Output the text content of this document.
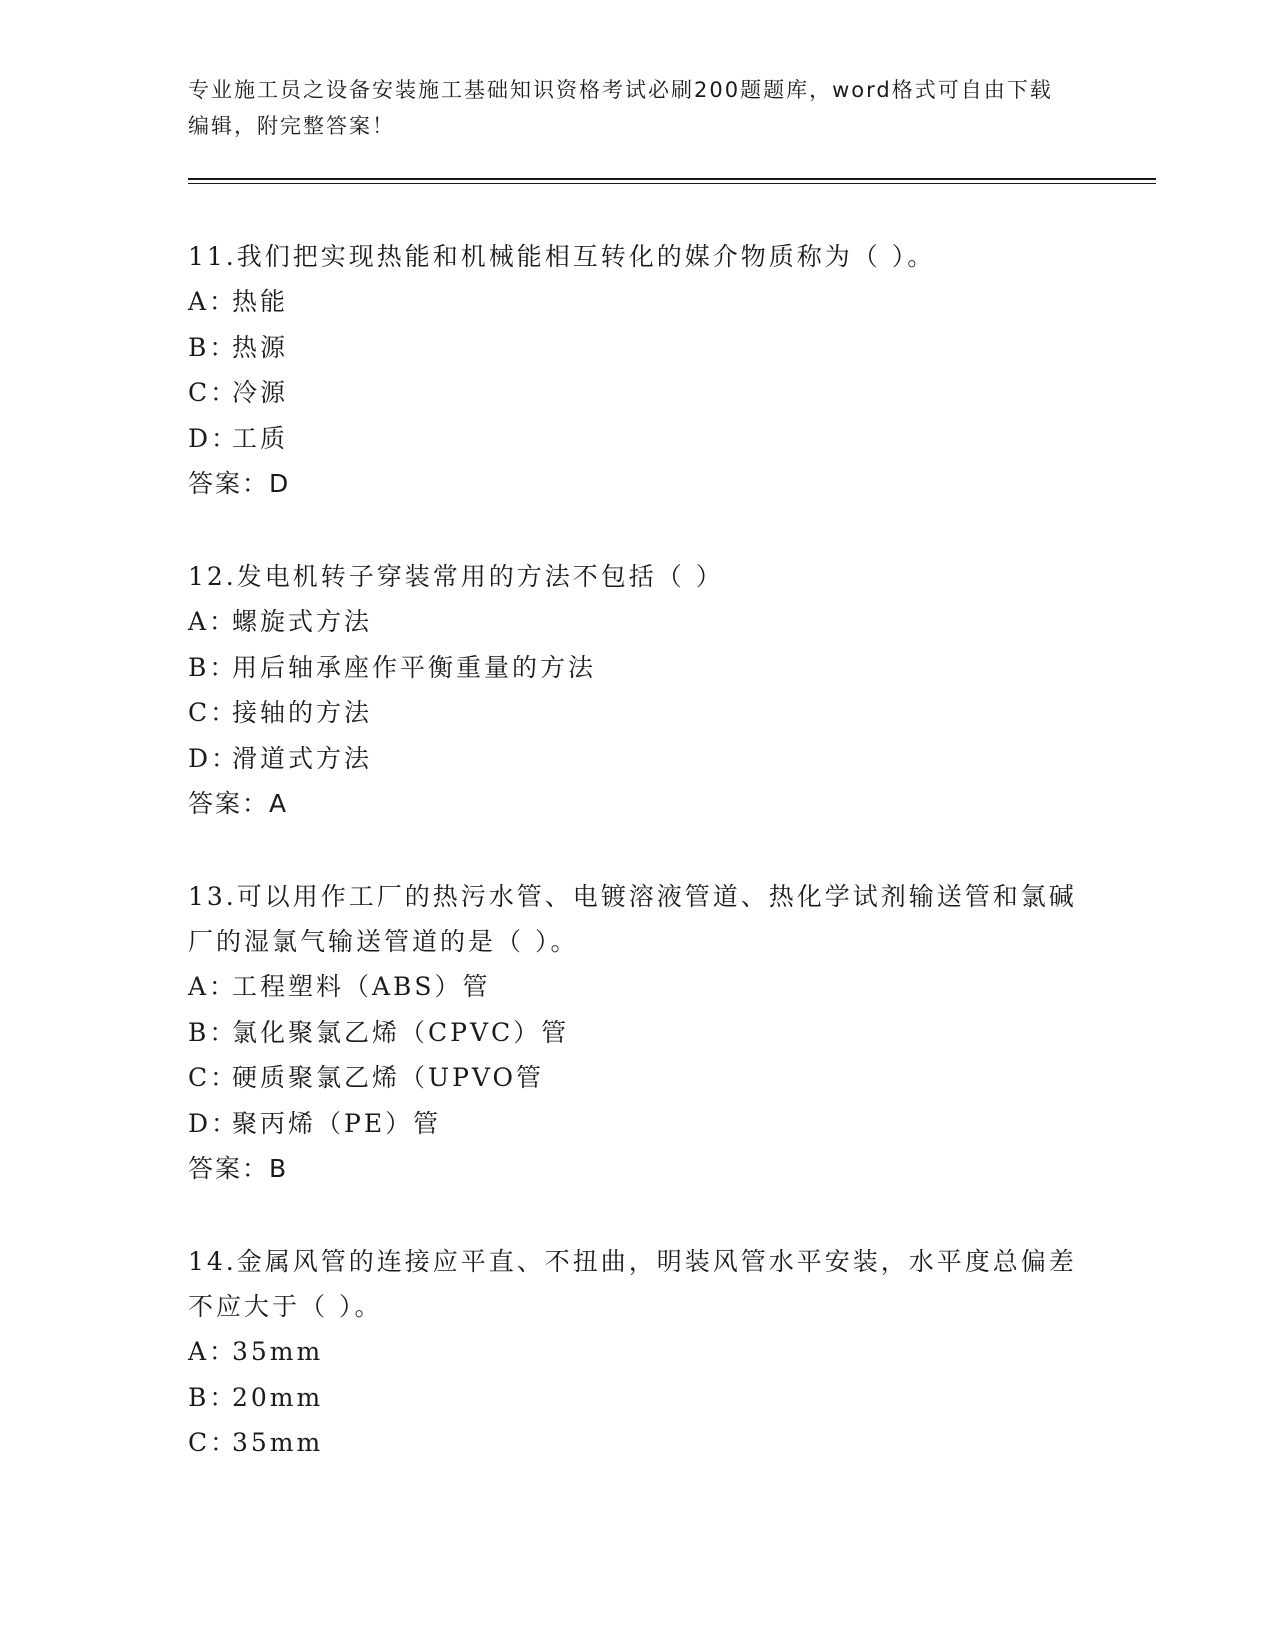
专业施工员之设备安装施工基础知识资格考试必刷200题题库，word格式可自由下载编辑，附完整答案！

11.我们把实现热能和机械能相互转化的媒介物质称为（ ）。

A：热能
B：热源
C：冷源
D：工质
答案：D

12.发电机转子穿装常用的方法不包括（ ）

A：螺旋式方法
B：用后轴承座作平衡重量的方法
C：接轴的方法
D：滑道式方法
答案：A

13.可以用作工厂的热污水管、电镀溶液管道、热化学试剂输送管和氯碱厂的湿氯气输送管道的是（ ）。

A：工程塑料（ABS）管
B：氯化聚氯乙烯（CPVC）管
C：硬质聚氯乙烯（UPVO管
D：聚丙烯（PE）管
答案：B

14.金属风管的连接应平直、不扭曲，明装风管水平安装，水平度总偏差不应大于（ ）。

A：35mm
B：20mm
C：35mm
